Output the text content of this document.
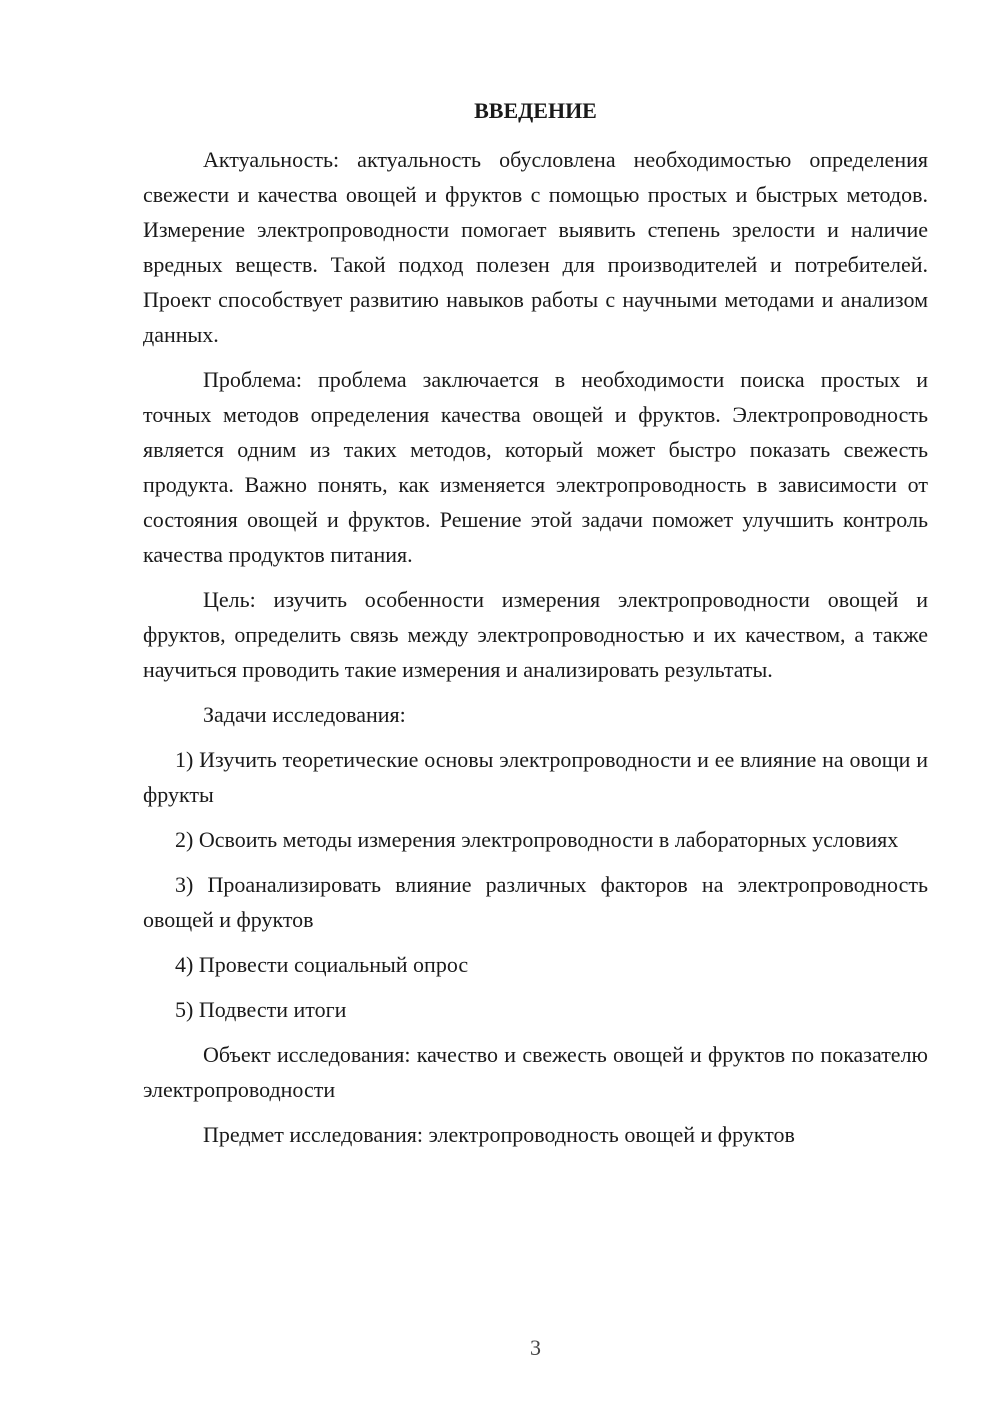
ВВЕДЕНИЕ

Актуальность: актуальность обусловлена необходимостью определения свежести и качества овощей и фруктов с помощью простых и быстрых методов. Измерение электропроводности помогает выявить степень зрелости и наличие вредных веществ. Такой подход полезен для производителей и потребителей. Проект способствует развитию навыков работы с научными методами и анализом данных.

Проблема: проблема заключается в необходимости поиска простых и точных методов определения качества овощей и фруктов. Электропроводность является одним из таких методов, который может быстро показать свежесть продукта. Важно понять, как изменяется электропроводность в зависимости от состояния овощей и фруктов. Решение этой задачи поможет улучшить контроль качества продуктов питания.

Цель: изучить особенности измерения электропроводности овощей и фруктов, определить связь между электропроводностью и их качеством, а также научиться проводить такие измерения и анализировать результаты.

Задачи исследования:

1) Изучить теоретические основы электропроводности и ее влияние на овощи и фрукты

2) Освоить методы измерения электропроводности в лабораторных условиях

3) Проанализировать влияние различных факторов на электропроводность овощей и фруктов

4) Провести социальный опрос

5) Подвести итоги

Объект исследования: качество и свежесть овощей и фруктов по показателю электропроводности

Предмет исследования: электропроводность овощей и фруктов

3
